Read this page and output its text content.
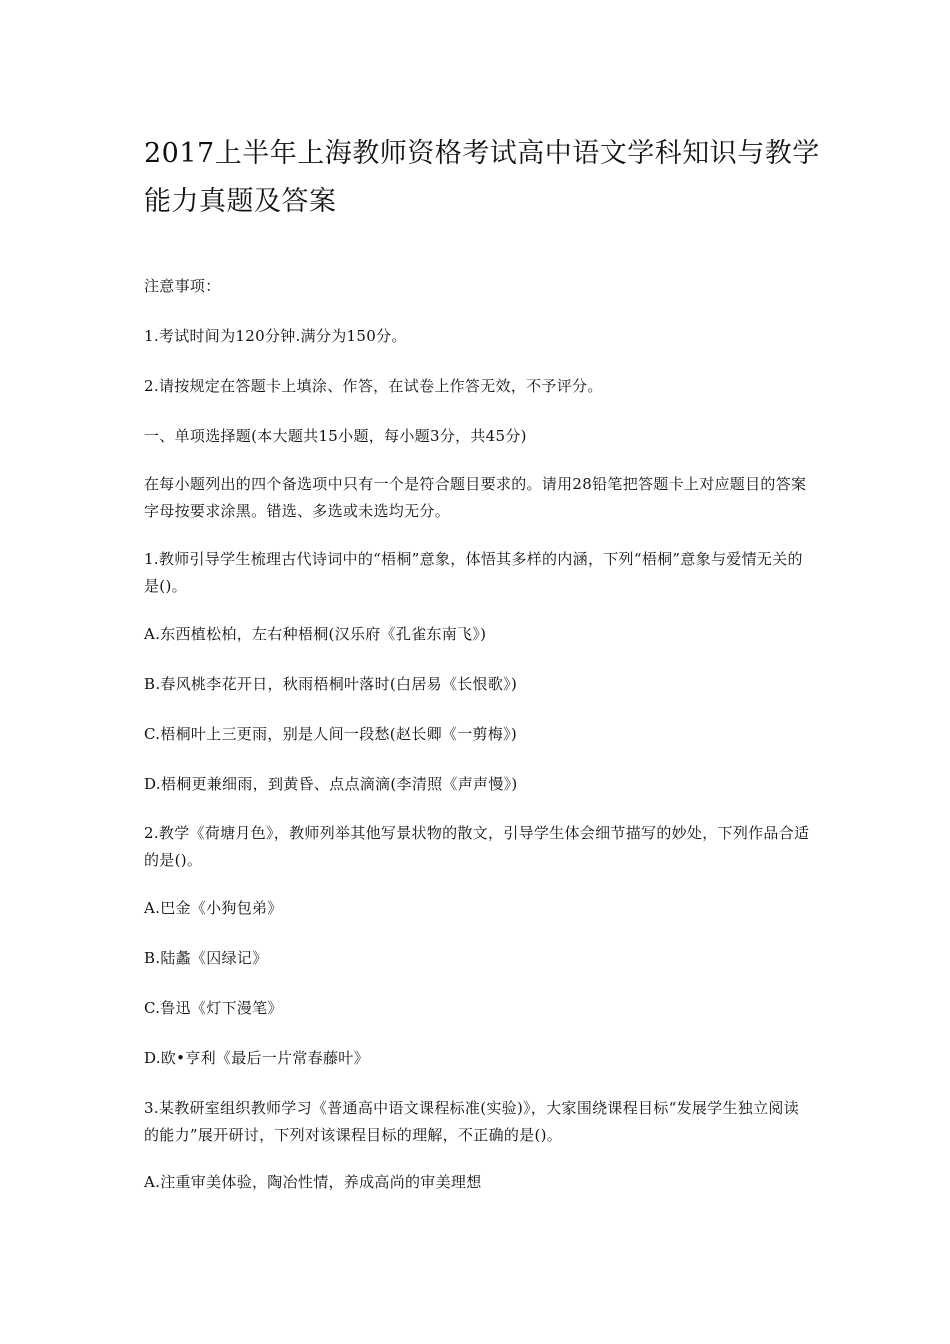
2017上半年上海教师资格考试高中语文学科知识与教学能力真题及答案

注意事项：

1.考试时间为120分钟.满分为150分。

2.请按规定在答题卡上填涂、作答，在试卷上作答无效，不予评分。

一、单项选择题(本大题共15小题，每小题3分，共45分)

在每小题列出的四个备选项中只有一个是符合题目要求的。请用28铅笔把答题卡上对应题目的答案字母按要求涂黑。错选、多选或未选均无分。

1.教师引导学生梳理古代诗词中的“梧桐”意象，体悟其多样的内涵，下列“梧桐”意象与爱情无关的是()。

A.东西植松柏，左右种梧桐(汉乐府《孔雀东南飞》)

B.春风桃李花开日，秋雨梧桐叶落时(白居易《长恨歌》)

C.梧桐叶上三更雨，别是人间一段愁(赵长卿《一剪梅》)

D.梧桐更兼细雨，到黄昏、点点滴滴(李清照《声声慢》)

2.教学《荷塘月色》，教师列举其他写景状物的散文，引导学生体会细节描写的妙处，下列作品合适的是()。

A.巴金《小狗包弟》

B.陆蠡《囚绿记》

C.鲁迅《灯下漫笔》

D.欧•亨利《最后一片常春藤叶》

3.某教研室组织教师学习《普通高中语文课程标准(实验)》，大家围绕课程目标“发展学生独立阅读的能力”展开研讨，下列对该课程目标的理解，不正确的是()。

A.注重审美体验，陶冶性情，养成高尚的审美理想
